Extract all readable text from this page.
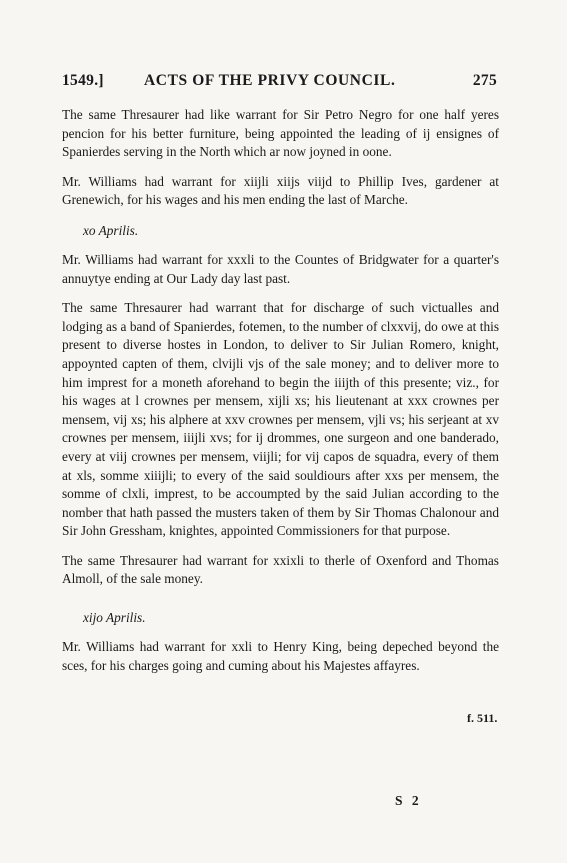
1549.]	ACTS OF THE PRIVY COUNCIL.	275

The same Thresaurer had like warrant for Sir Petro Negro for one half yeres pencion for his better furniture, being appointed the leading of ij ensignes of Spanierdes serving in the North which ar now joyned in oone.

Mr. Williams had warrant for xiijli xiijs viijd to Phillip Ives, gardener at Grenewich, for his wages and his men ending the last of Marche.

xo Aprilis.

Mr. Williams had warrant for xxxli to the Countes of Bridgwater for a quarter's annuytye ending at Our Lady day last past.

The same Thresaurer had warrant that for discharge of such victualles and lodging as a band of Spanierdes, fotemen, to the number of clxxvij, do owe at this present to diverse hostes in London, to deliver to Sir Julian Romero, knight, appoynted capten of them, clvijli vjs of the sale money; and to deliver more to him imprest for a moneth aforehand to begin the iiijth of this presente; viz., for his wages at l crownes per mensem, xijli xs; his lieutenant at xxx crownes per mensem, vij xs; his alphere at xxv crownes per mensem, vjli vs; his serjeant at xv crownes per mensem, iiijli xvs; for ij drommes, one surgeon and one banderado, every at viij crownes per mensem, viijli; for vij capos de squadra, every of them at xls, somme xiiijli; to every of the said souldiours after xxs per mensem, the somme of clxli, imprest, to be accoumpted by the said Julian according to the nomber that hath passed the musters taken of them by Sir Thomas Chalonour and Sir John Gressham, knightes, appointed Commissioners for that purpose.

The same Thresaurer had warrant for xxixli to therle of Oxenford and Thomas Almoll, of the sale money.

xijo Aprilis.

Mr. Williams had warrant for xxli to Henry King, being depeched beyond the sces, for his charges going and cuming about his Majestes affayres.

f. 511.
S 2
